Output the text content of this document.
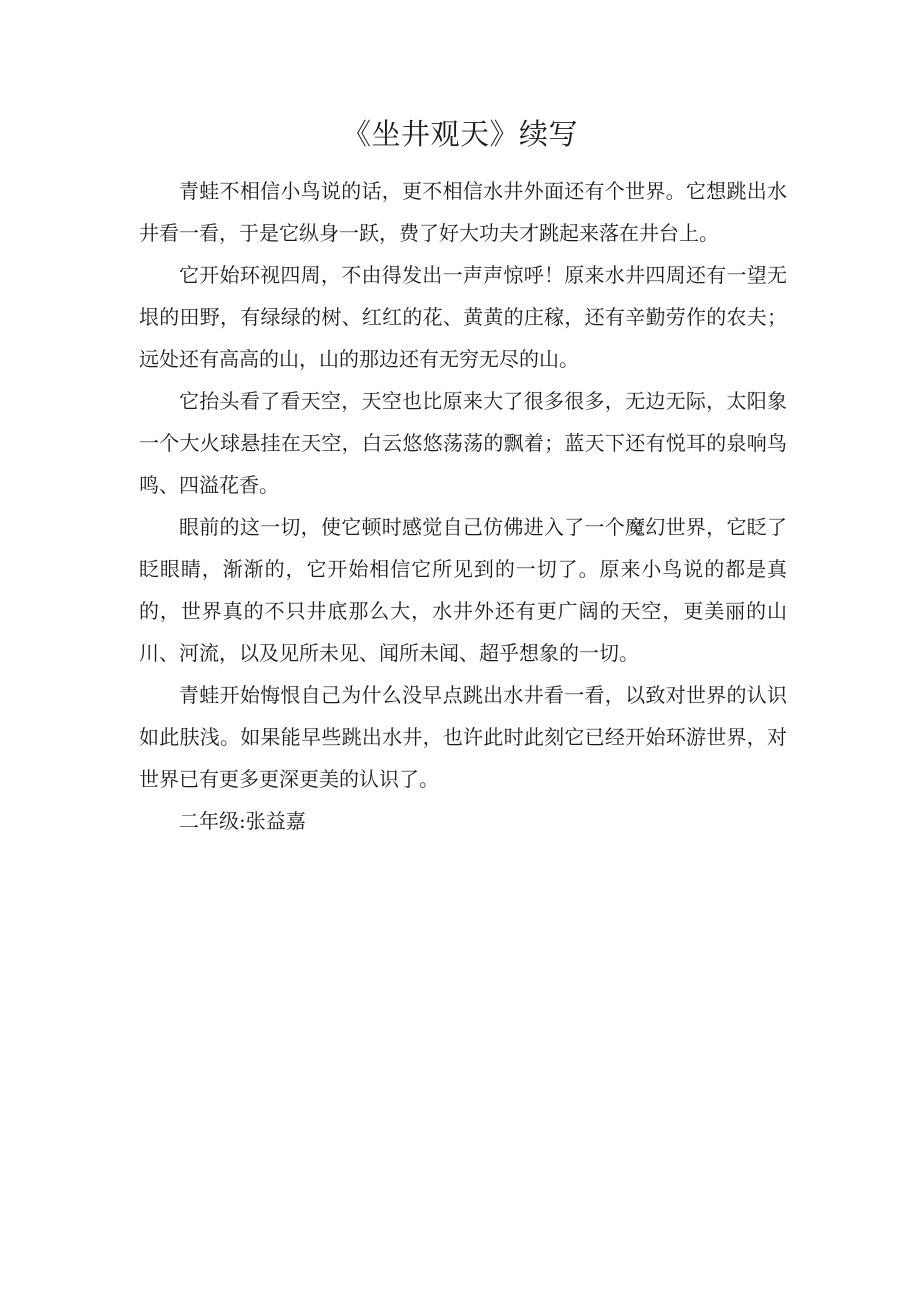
《坐井观天》续写

青蛙不相信小鸟说的话，更不相信水井外面还有个世界。它想跳出水井看一看，于是它纵身一跃，费了好大功夫才跳起来落在井台上。

它开始环视四周，不由得发出一声声惊呼！原来水井四周还有一望无垠的田野，有绿绿的树、红红的花、黄黄的庄稼，还有辛勤劳作的农夫；远处还有高高的山，山的那边还有无穷无尽的山。

它抬头看了看天空，天空也比原来大了很多很多，无边无际，太阳象一个大火球悬挂在天空，白云悠悠荡荡的飘着；蓝天下还有悦耳的泉响鸟鸣、四溢花香。

眼前的这一切，使它顿时感觉自己仿佛进入了一个魔幻世界，它眨了眨眼睛，渐渐的，它开始相信它所见到的一切了。原来小鸟说的都是真的，世界真的不只井底那么大，水井外还有更广阔的天空，更美丽的山川、河流，以及见所未见、闻所未闻、超乎想象的一切。

青蛙开始悔恨自己为什么没早点跳出水井看一看，以致对世界的认识如此肤浅。如果能早些跳出水井，也许此时此刻它已经开始环游世界，对世界已有更多更深更美的认识了。

二年级:张益嘉
